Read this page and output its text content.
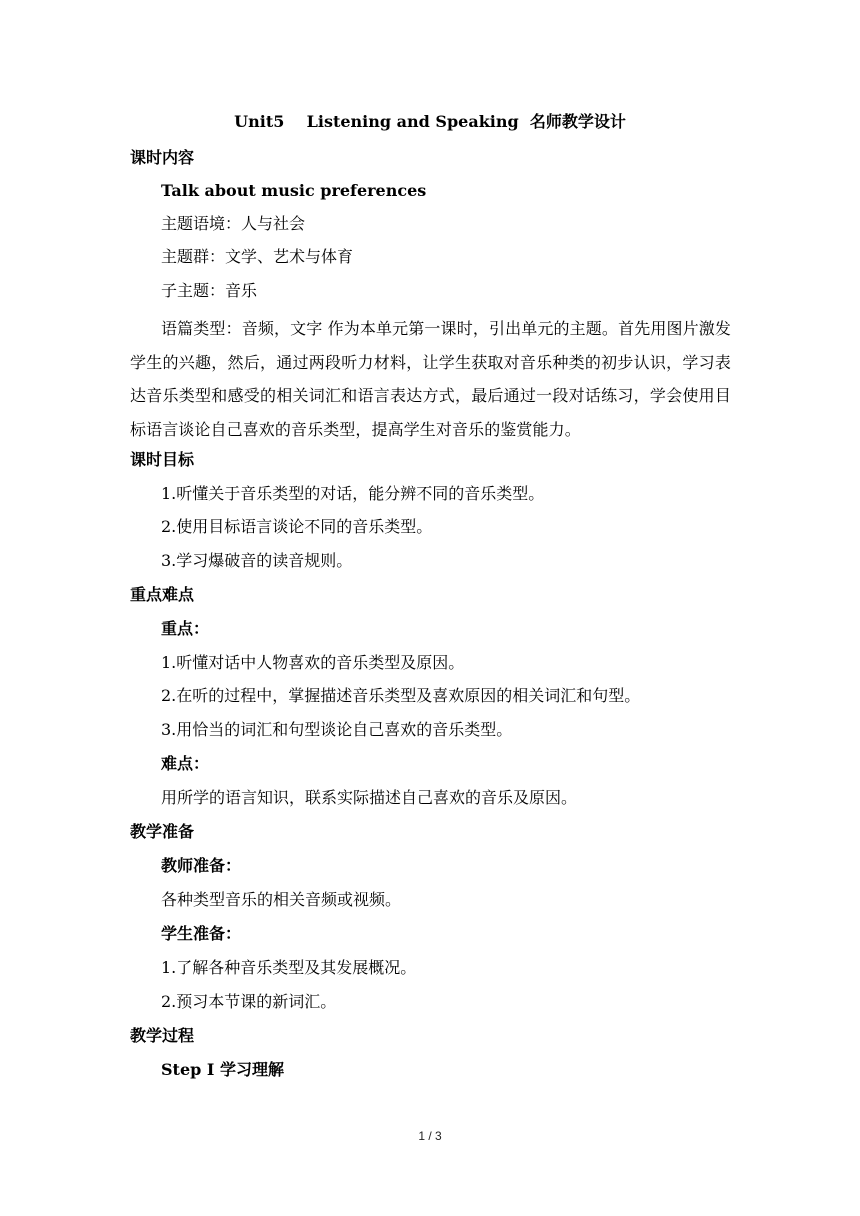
Unit5    Listening and Speaking  名师教学设计
课时内容
Talk about music preferences
主题语境：人与社会
主题群：文学、艺术与体育
子主题：音乐
语篇类型：音频，文字 作为本单元第一课时，引出单元的主题。首先用图片激发学生的兴趣，然后，通过两段听力材料，让学生获取对音乐种类的初步认识，学习表达音乐类型和感受的相关词汇和语言表达方式，最后通过一段对话练习，学会使用目标语言谈论自己喜欢的音乐类型，提高学生对音乐的鉴赏能力。
课时目标
1.听懂关于音乐类型的对话，能分辨不同的音乐类型。
2.使用目标语言谈论不同的音乐类型。
3.学习爆破音的读音规则。
重点难点
重点：
1.听懂对话中人物喜欢的音乐类型及原因。
2.在听的过程中，掌握描述音乐类型及喜欢原因的相关词汇和句型。
3.用恰当的词汇和句型谈论自己喜欢的音乐类型。
难点：
用所学的语言知识，联系实际描述自己喜欢的音乐及原因。
教学准备
教师准备：
各种类型音乐的相关音频或视频。
学生准备：
1.了解各种音乐类型及其发展概况。
2.预习本节课的新词汇。
教学过程
Step I 学习理解
1 / 3
